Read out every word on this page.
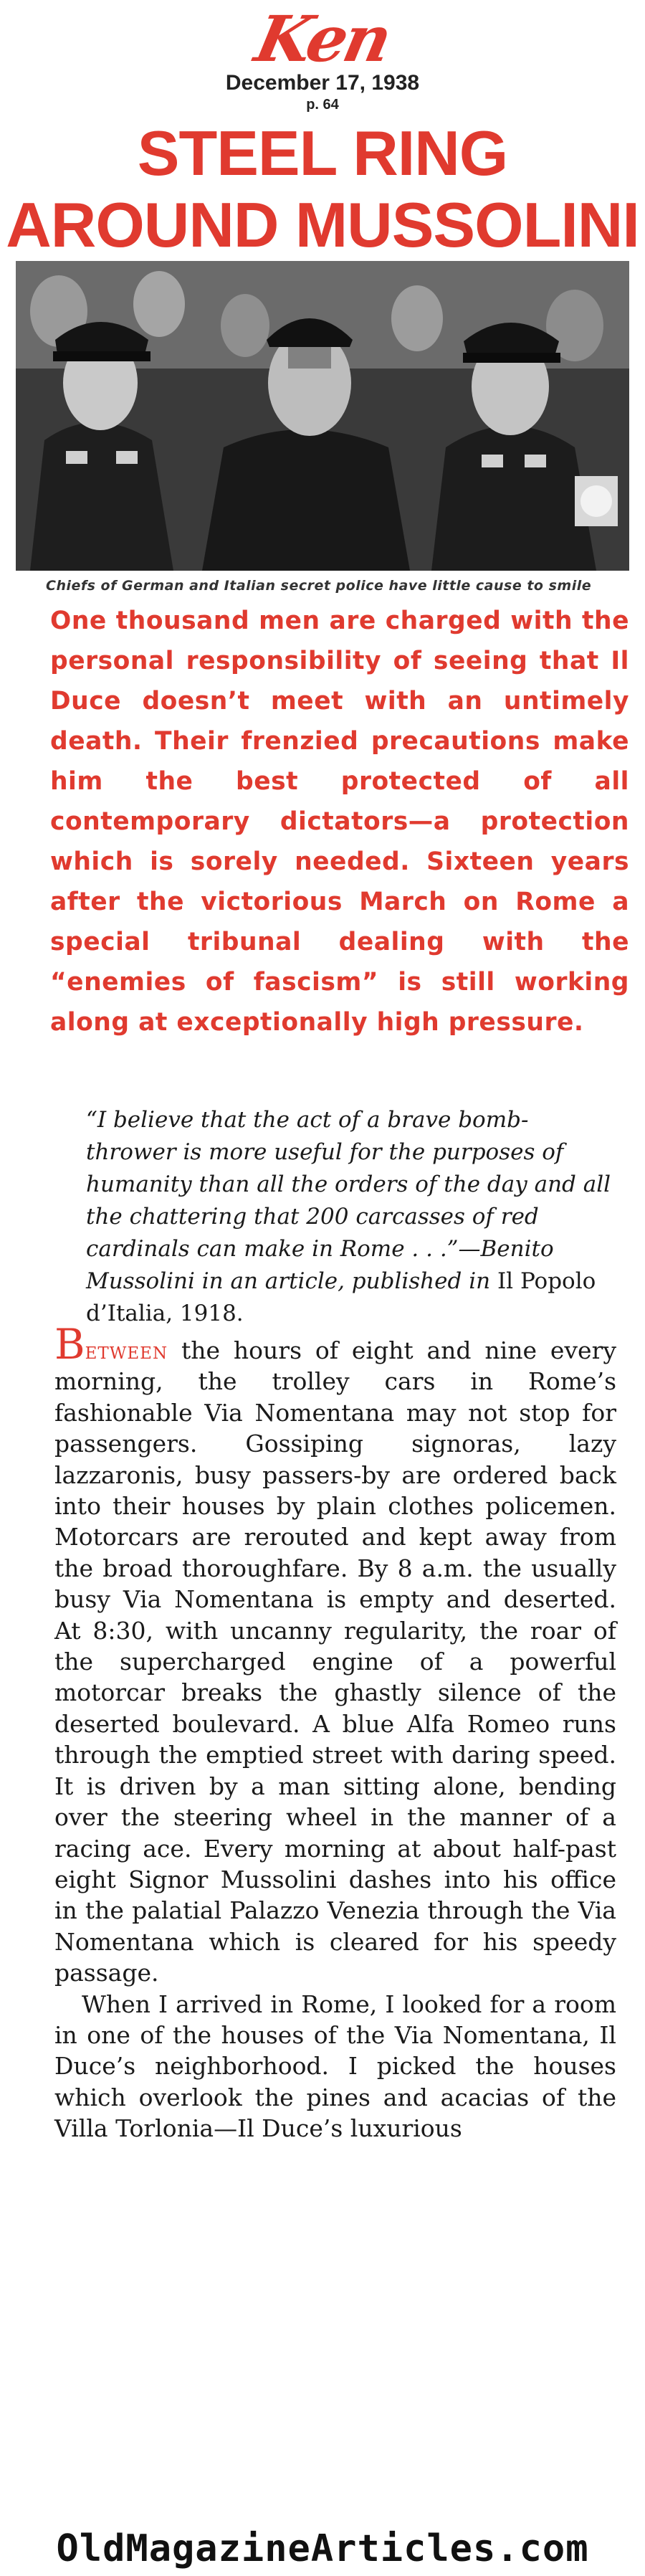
Ken
December 17, 1938
p. 64
STEEL RING
AROUND MUSSOLINI
Chiefs of German and Italian secret police have little cause to smile
One thousand men are charged with the personal responsibility of seeing that Il Duce doesn’t meet with an untimely death. Their frenzied precautions make him the best protected of all contemporary dictators—a protection which is sorely needed. Sixteen years after the victorious March on Rome a special tribunal dealing with the “enemies of fascism” is still working along at exceptionally high pressure.
“I believe that the act of a brave bomb-thrower is more useful for the purposes of humanity than all the orders of the day and all the chattering that 200 carcasses of red cardinals can make in Rome . . .”—Benito Mussolini in an article, published in Il Popolo d’Italia, 1918.

Between the hours of eight and nine every morning, the trolley cars in Rome’s fashionable Via Nomentana may not stop for passengers. Gossiping signoras, lazy lazzaronis, busy passers-by are ordered back into their houses by plain clothes policemen. Motorcars are rerouted and kept away from the broad thoroughfare. By 8 a.m. the usually busy Via Nomentana is empty and deserted. At 8:30, with uncanny regularity, the roar of the supercharged engine of a powerful motorcar breaks the ghastly silence of the deserted boulevard. A blue Alfa Romeo runs through the emptied street with daring speed. It is driven by a man sitting alone, bending over the steering wheel in the manner of a racing ace. Every morning at about half-past eight Signor Mussolini dashes into his office in the palatial Palazzo Venezia through the Via Nomentana which is cleared for his speedy passage.

When I arrived in Rome, I looked for a room in one of the houses of the Via Nomentana, Il Duce’s neighborhood. I picked the houses which overlook the pines and acacias of the Villa Torlonia—Il Duce’s luxurious

OldMagazineArticles.com
